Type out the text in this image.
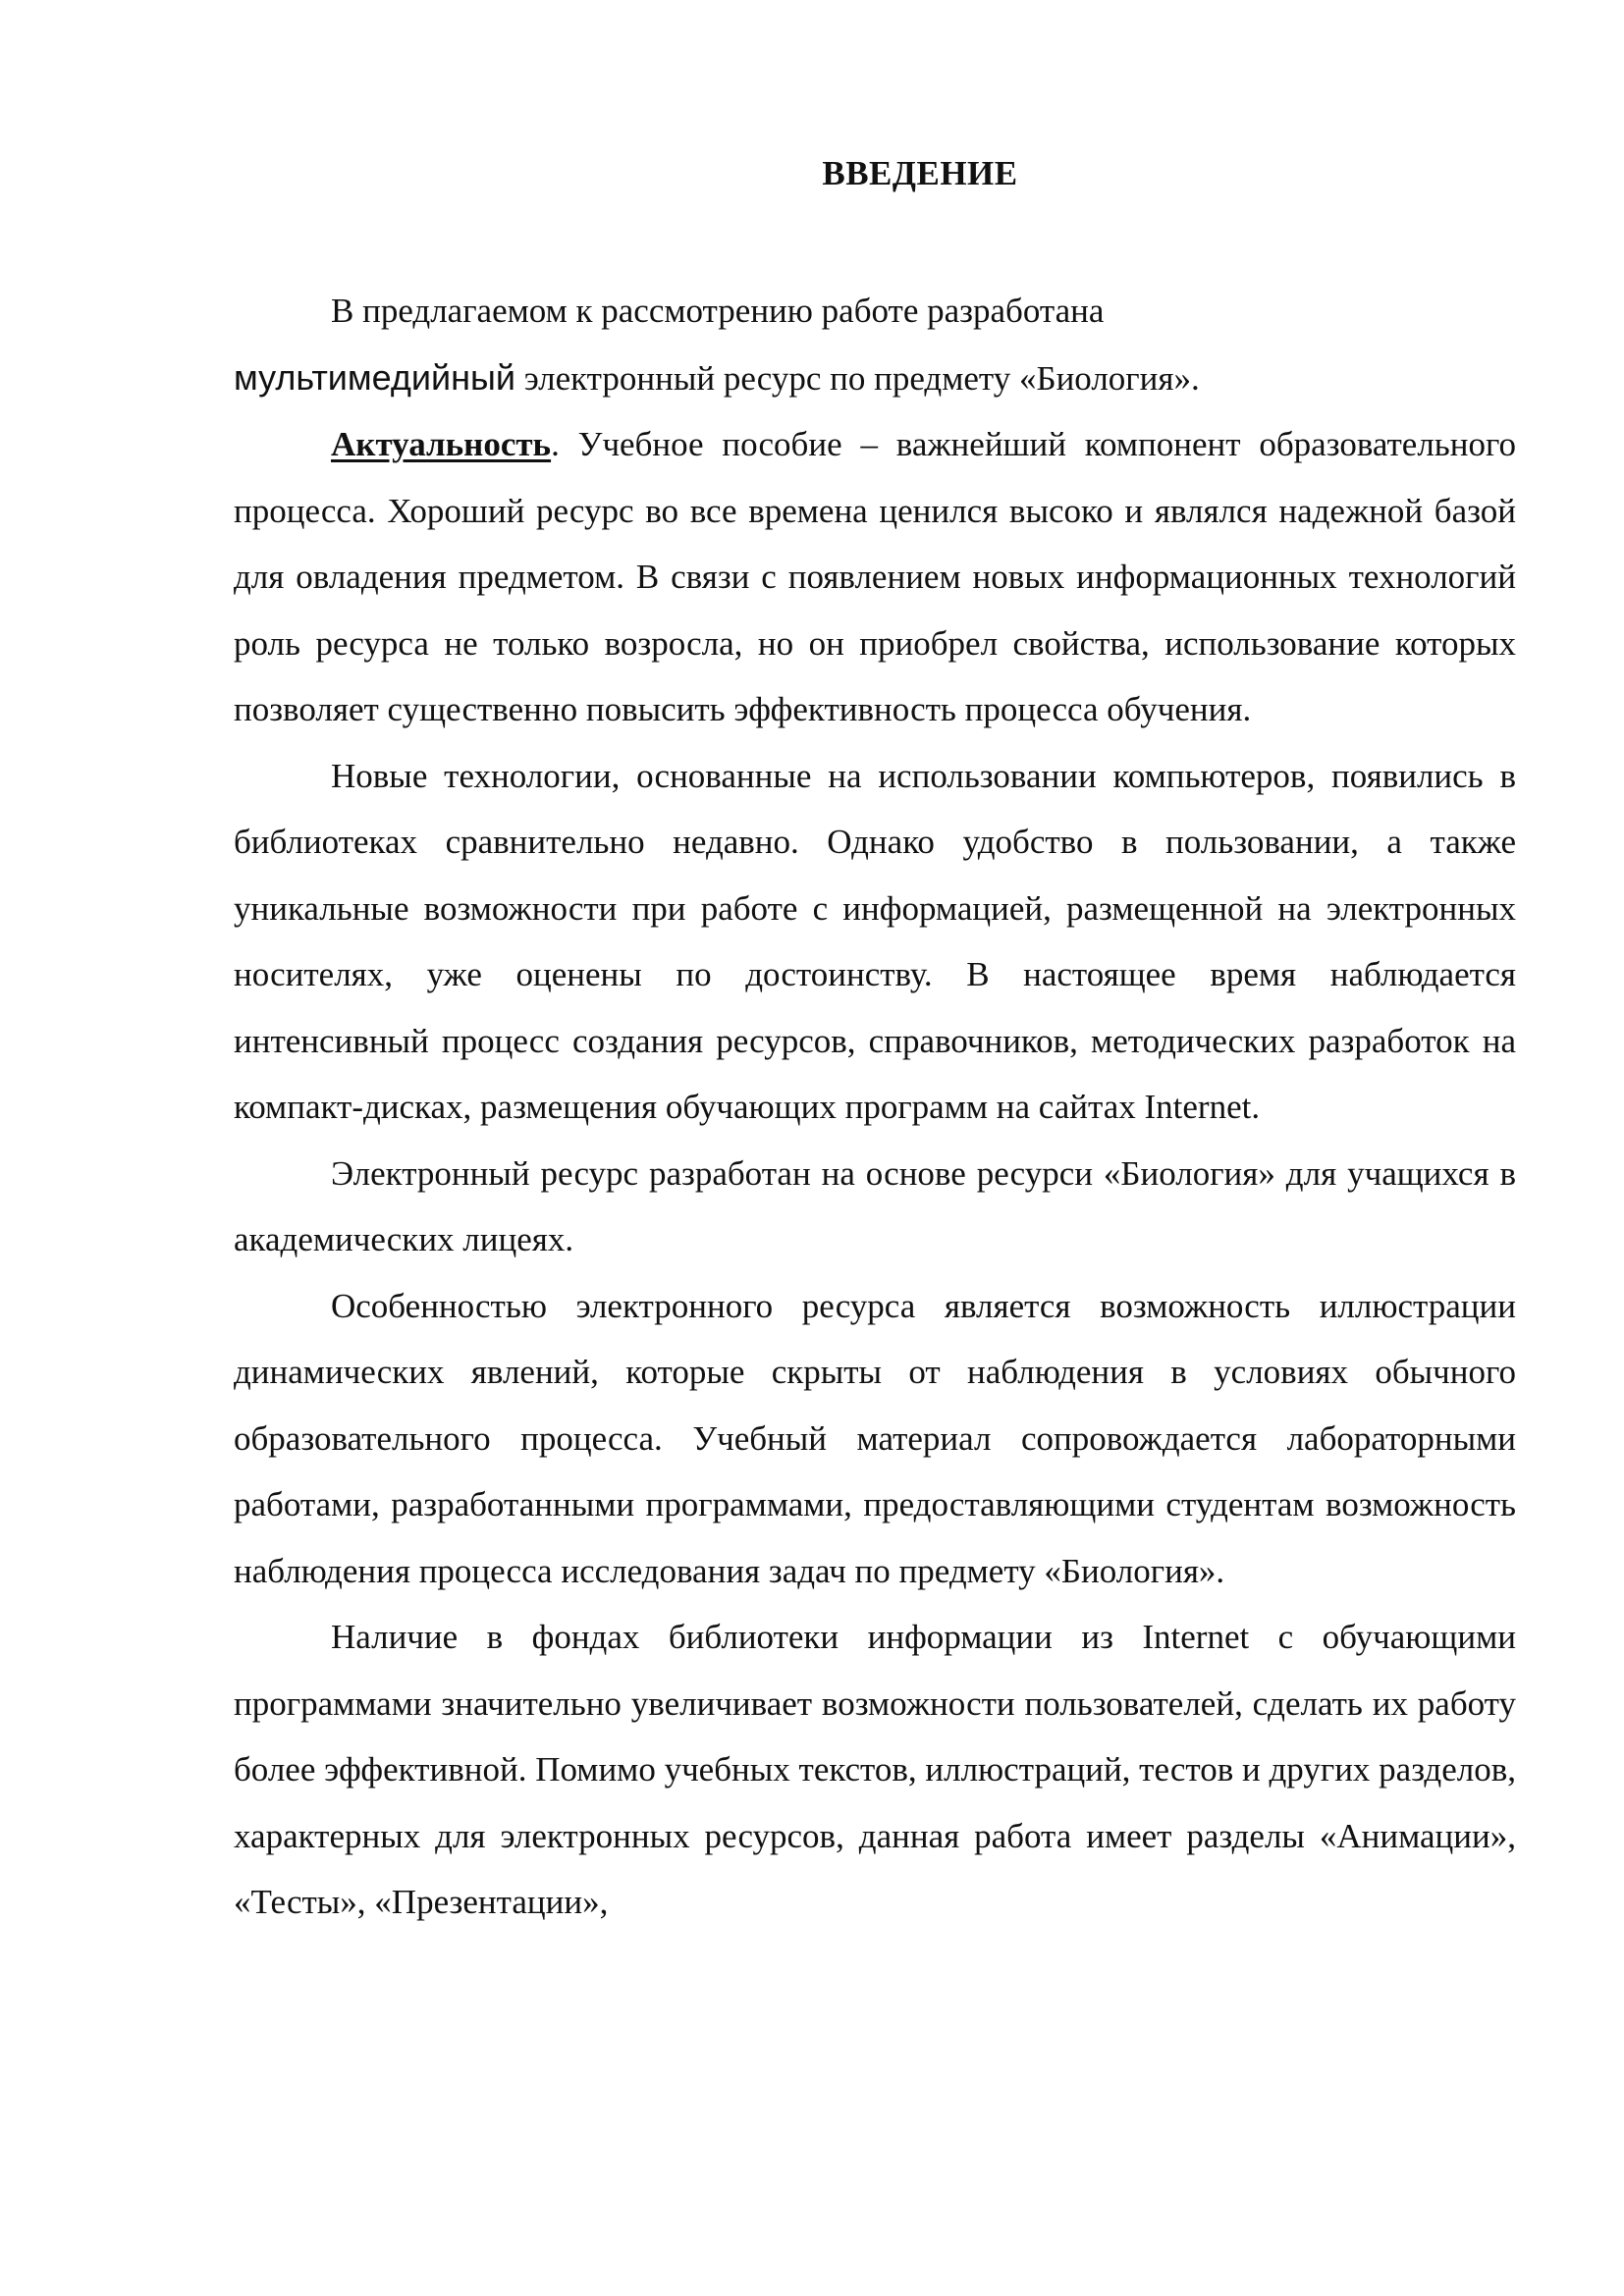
ВВЕДЕНИЕ

В предлагаемом к рассмотрению работе разработана
мультимедийный электронный ресурс по предмету «Биология».

Актуальность. Учебное пособие – важнейший компонент образовательного процесса. Хороший ресурс во все времена ценился высоко и являлся надежной базой для овладения предметом. В связи с появлением новых информационных технологий роль ресурса не только возросла, но он приобрел свойства, использование которых позволяет существенно повысить эффективность процесса обучения.

Новые технологии, основанные на использовании компьютеров, появились в библиотеках сравнительно недавно. Однако удобство в пользовании, а также уникальные возможности при работе с информацией, размещенной на электронных носителях, уже оценены по достоинству. В настоящее время наблюдается интенсивный процесс создания ресурсов, справочников, методических разработок на компакт-дисках, размещения обучающих программ на сайтах Internet.

Электронный ресурс разработан на основе ресурси «Биология» для учащихся в академических лицеях.

Особенностью электронного ресурса является возможность иллюстрации динамических явлений, которые скрыты от наблюдения в условиях обычного образовательного процесса. Учебный материал сопровождается лабораторными работами, разработанными программами, предоставляющими студентам возможность наблюдения процесса исследования задач по предмету «Биология».

Наличие в фондах библиотеки информации из Internet с обучающими программами значительно увеличивает возможности пользователей, сделать их работу более эффективной. Помимо учебных текстов, иллюстраций, тестов и других разделов, характерных для электронных ресурсов, данная работа имеет разделы «Анимации», «Тесты», «Презентации»,
